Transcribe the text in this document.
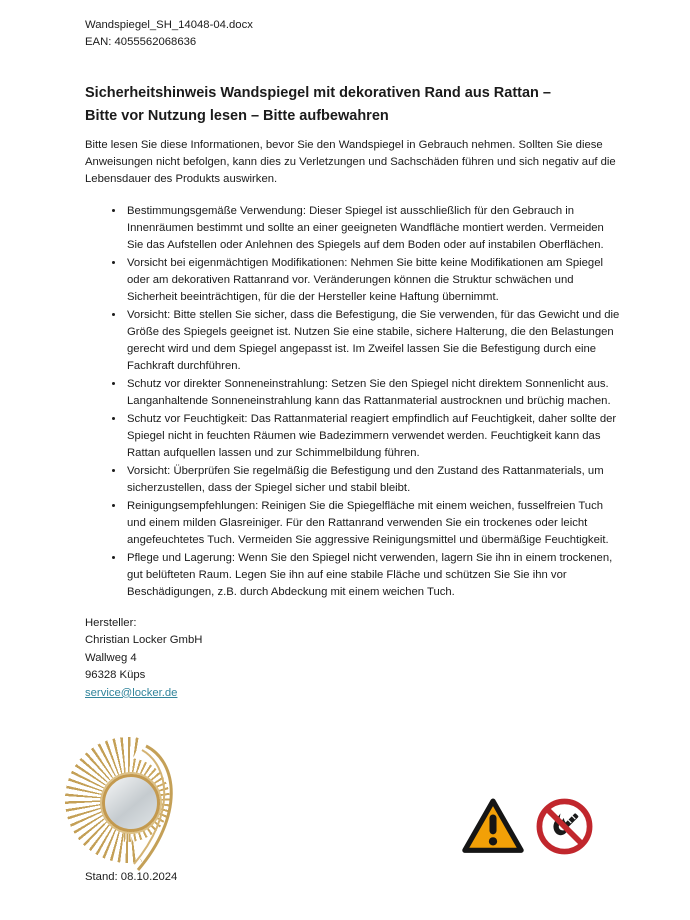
Wandspiegel_SH_14048-04.docx
EAN: 4055562068636
Sicherheitshinweis Wandspiegel mit dekorativen Rand aus Rattan –
Bitte vor Nutzung lesen – Bitte aufbewahren

Bitte lesen Sie diese Informationen, bevor Sie den Wandspiegel in Gebrauch nehmen. Sollten Sie diese Anweisungen nicht befolgen, kann dies zu Verletzungen und Sachschäden führen und sich negativ auf die Lebensdauer des Produkts auswirken.

• Bestimmungsgemäße Verwendung: Dieser Spiegel ist ausschließlich für den Gebrauch in Innenräumen bestimmt und sollte an einer geeigneten Wandfläche montiert werden. Vermeiden Sie das Aufstellen oder Anlehnen des Spiegels auf dem Boden oder auf instabilen Oberflächen.
• Vorsicht bei eigenmächtigen Modifikationen: Nehmen Sie bitte keine Modifikationen am Spiegel oder am dekorativen Rattanrand vor. Veränderungen können die Struktur schwächen und Sicherheit beeinträchtigen, für die der Hersteller keine Haftung übernimmt.
• Vorsicht: Bitte stellen Sie sicher, dass die Befestigung, die Sie verwenden, für das Gewicht und die Größe des Spiegels geeignet ist. Nutzen Sie eine stabile, sichere Halterung, die den Belastungen gerecht wird und dem Spiegel angepasst ist. Im Zweifel lassen Sie die Befestigung durch eine Fachkraft durchführen.
• Schutz vor direkter Sonneneinstrahlung: Setzen Sie den Spiegel nicht direktem Sonnenlicht aus. Langanhaltende Sonneneinstrahlung kann das Rattanmaterial austrocknen und brüchig machen.
• Schutz vor Feuchtigkeit: Das Rattanmaterial reagiert empfindlich auf Feuchtigkeit, daher sollte der Spiegel nicht in feuchten Räumen wie Badezimmern verwendet werden. Feuchtigkeit kann das Rattan aufquellen lassen und zur Schimmelbildung führen.
• Vorsicht: Überprüfen Sie regelmäßig die Befestigung und den Zustand des Rattanmaterials, um sicherzustellen, dass der Spiegel sicher und stabil bleibt.
• Reinigungsempfehlungen: Reinigen Sie die Spiegelfläche mit einem weichen, fusselfreien Tuch und einem milden Glasreiniger. Für den Rattanrand verwenden Sie ein trockenes oder leicht angefeuchtetes Tuch. Vermeiden Sie aggressive Reinigungsmittel und übermäßige Feuchtigkeit.
• Pflege und Lagerung: Wenn Sie den Spiegel nicht verwenden, lagern Sie ihn in einem trockenen, gut belüfteten Raum. Legen Sie ihn auf eine stabile Fläche und schützen Sie Sie ihn vor Beschädigungen, z.B. durch Abdeckung mit einem weichen Tuch.
Hersteller:
Christian Locker GmbH
Wallweg 4
96328 Küps
service@locker.de
Stand: 08.10.2024
